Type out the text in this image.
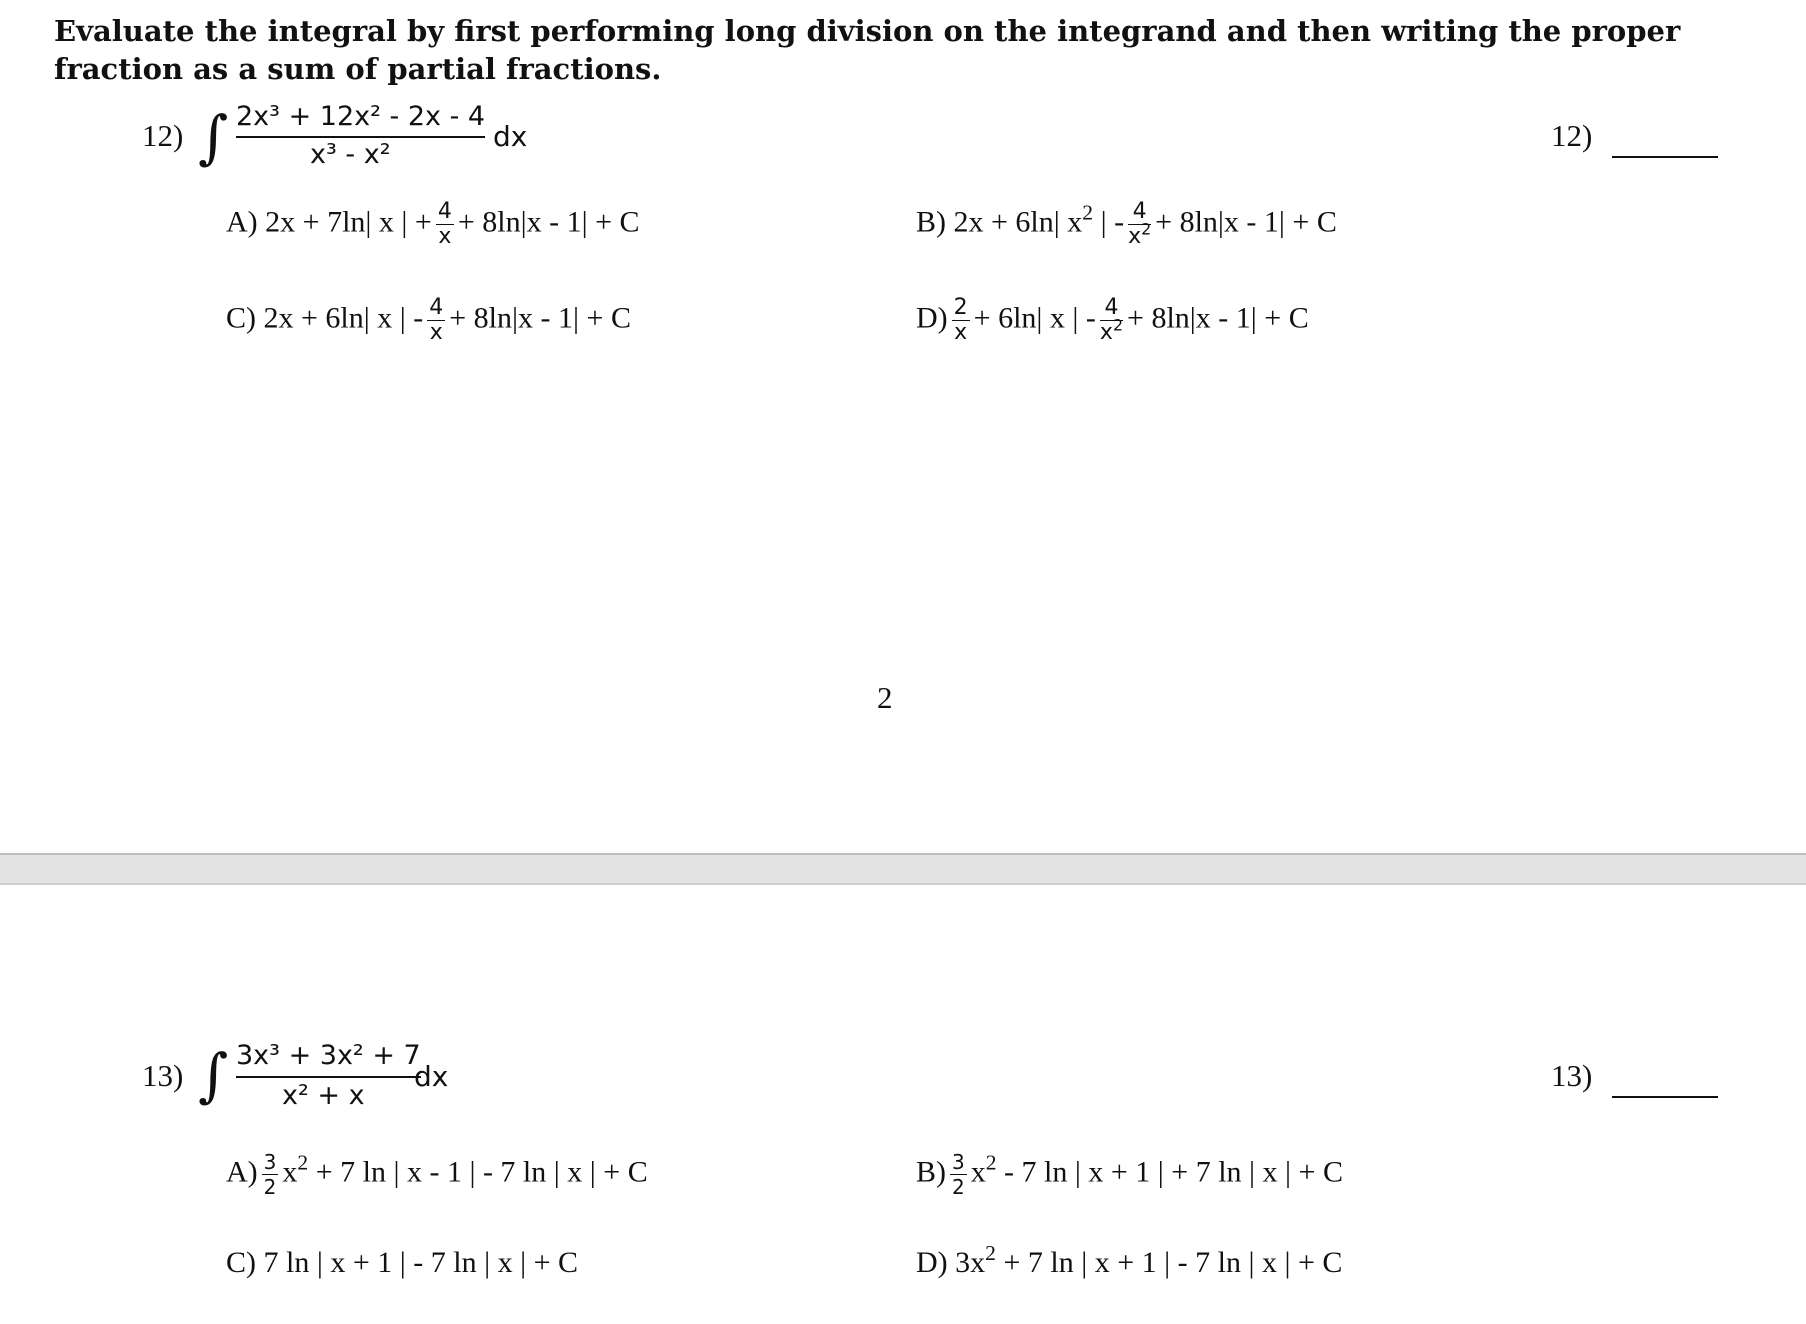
Evaluate the integral by first performing long division on the integrand and then writing the proper fraction as a sum of partial fractions.
12) ∫ $\frac{\text{2x³ + 12x² - 2x - 4}}{\text{x³ - x²}}$ dx	12)
A) 2x + 7ln| x | + $\frac{4}{x} + 8\ln|x - 1| + C$	B) 2x + 6ln| $x^2$ | - $\frac{4}{x^2} + 8\ln|x - 1| + C$
C) 2x + 6ln| x | - $\frac{4}{x} + 8\ln|x - 1| + C$	$D) \frac{2}{x} + 6\ln|$ x | - $\frac{4}{x^2} + 8\ln|x - 1| + C$
2
13) ∫ $\frac{\text{3x³ + 3x² + 7}}{\text{x² + x}}$
dx	13)
$A) \frac{3}{2} x^2 + 7$ ln | x - 1 | - 7 ln | x | + C	$B) \frac{3}{2} x^2 - 7$ ln | x + 1 | + 7 ln | x | + C
C) 7 ln | x + 1 | - 7 ln | x | + C	D) $3x^2 + 7$ ln | x + 1 | - 7 ln | x | + C
